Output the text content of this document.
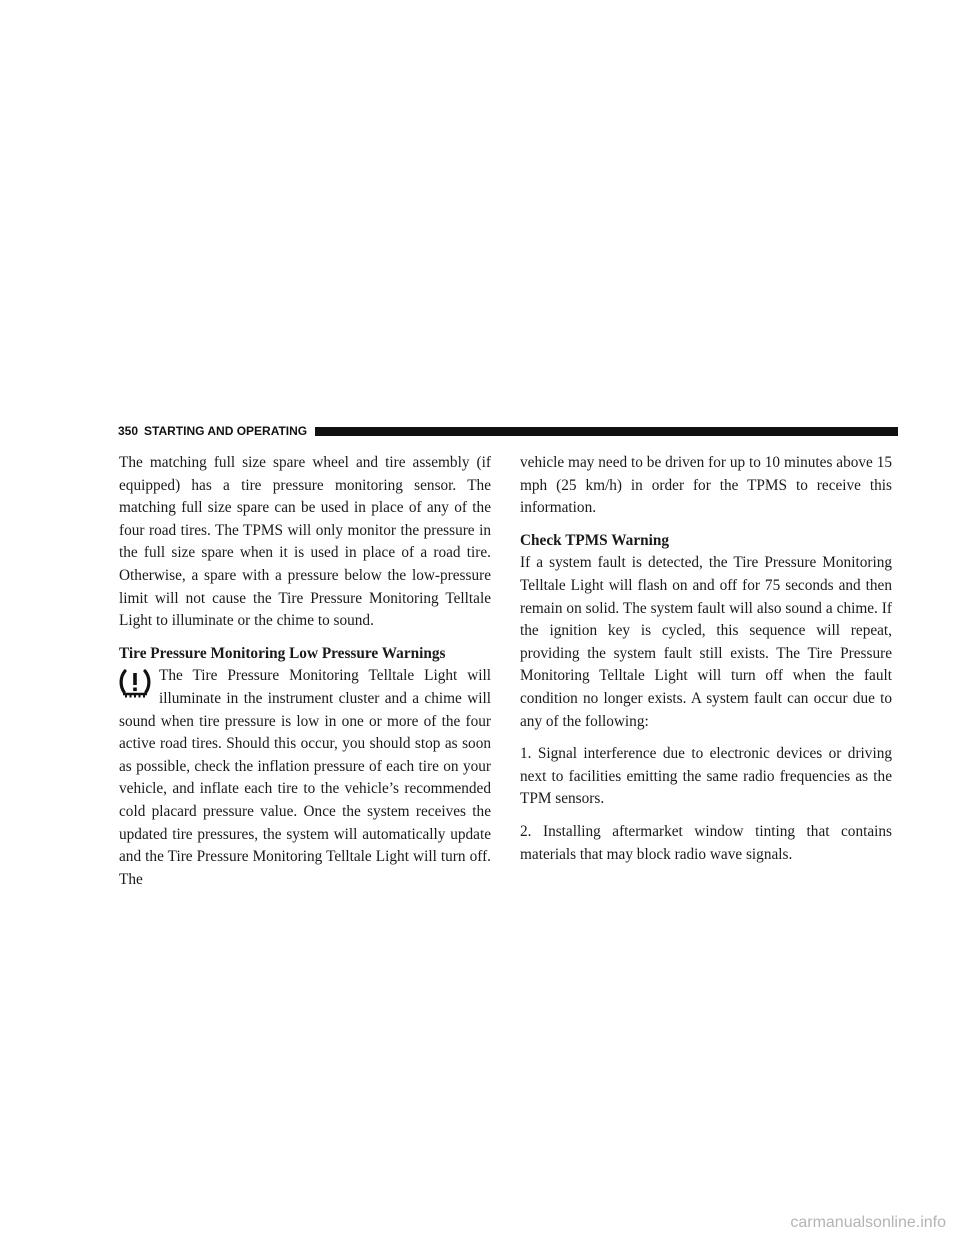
350 STARTING AND OPERATING

The matching full size spare wheel and tire assembly (if equipped) has a tire pressure monitoring sensor. The matching full size spare can be used in place of any of the four road tires. The TPMS will only monitor the pressure in the full size spare when it is used in place of a road tire. Otherwise, a spare with a pressure below the low-pressure limit will not cause the Tire Pressure Monitoring Telltale Light to illuminate or the chime to sound.

Tire Pressure Monitoring Low Pressure Warnings

The Tire Pressure Monitoring Telltale Light will illuminate in the instrument cluster and a chime will sound when tire pressure is low in one or more of the four active road tires. Should this occur, you should stop as soon as possible, check the inflation pressure of each tire on your vehicle, and inflate each tire to the vehicle’s recommended cold placard pressure value. Once the system receives the updated tire pressures, the system will automatically update and the Tire Pressure Monitoring Telltale Light will turn off. The

vehicle may need to be driven for up to 10 minutes above 15 mph (25 km/h) in order for the TPMS to receive this information.

Check TPMS Warning

If a system fault is detected, the Tire Pressure Monitoring Telltale Light will flash on and off for 75 seconds and then remain on solid. The system fault will also sound a chime. If the ignition key is cycled, this sequence will repeat, providing the system fault still exists. The Tire Pressure Monitoring Telltale Light will turn off when the fault condition no longer exists. A system fault can occur due to any of the following:

1. Signal interference due to electronic devices or driving next to facilities emitting the same radio frequencies as the TPM sensors.

2. Installing aftermarket window tinting that contains materials that may block radio wave signals.

carmanualsonline.info
